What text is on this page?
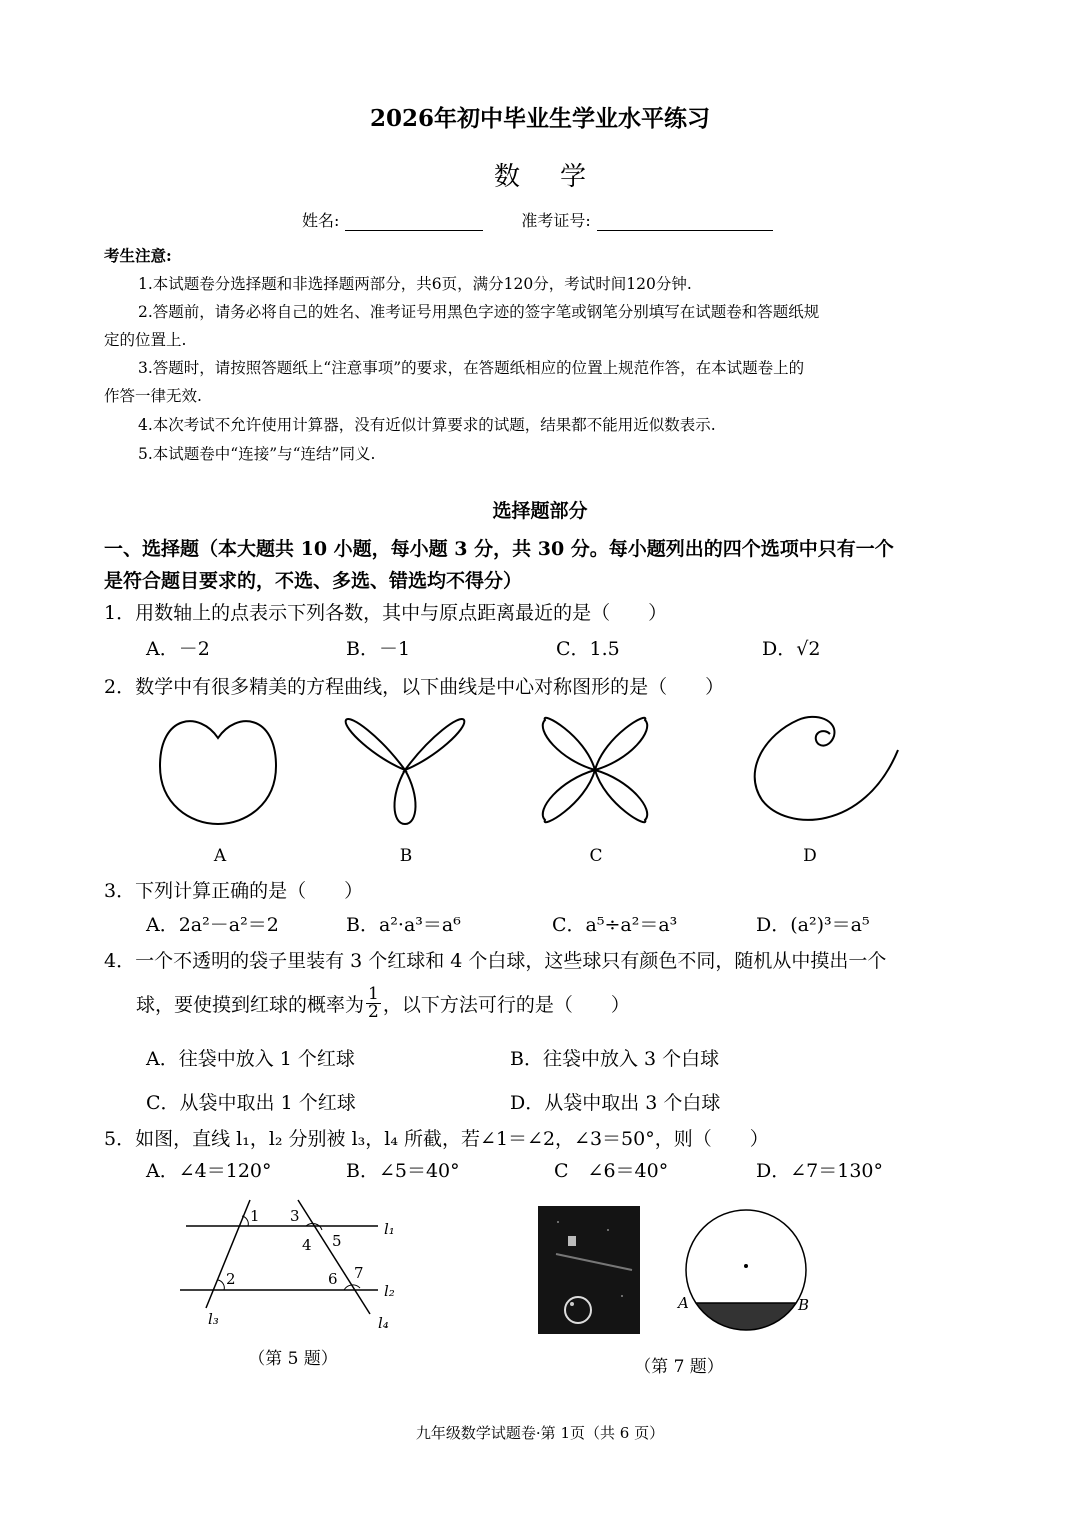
2026年初中毕业生学业水平练习
数学
姓名:	准考证号:
考生注意:
1.本试题卷分选择题和非选择题两部分，共6页，满分120分，考试时间120分钟.
2.答题前，请务必将自己的姓名、准考证号用黑色字迹的签字笔或钢笔分别填写在试题卷和答题纸规
定的位置上.
3.答题时，请按照答题纸上“注意事项”的要求，在答题纸相应的位置上规范作答，在本试题卷上的
作答一律无效.
4.本次考试不允许使用计算器，没有近似计算要求的试题，结果都不能用近似数表示.
5.本试题卷中“连接”与“连结”同义.
选择题部分
一、选择题（本大题共 10 小题，每小题 3 分，共 30 分。每小题列出的四个选项中只有一个
是符合题目要求的，不选、多选、错选均不得分）
1．用数轴上的点表示下列各数，其中与原点距离最近的是（　　）
A．－2	B．－1	C．1.5	D．√2
2．数学中有很多精美的方程曲线，以下曲线是中心对称图形的是（　　）
A	B	C	D
3．下列计算正确的是（　　）
A．2a²－a²＝2	B．a²·a³＝a⁶	C．a⁵÷a²＝a³	D．(a²)³＝a⁵
4．一个不透明的袋子里装有 3 个红球和 4 个白球，这些球只有颜色不同，随机从中摸出一个
球，要使摸到红球的概率为 $\frac{1}{2}$ ，以下方法可行的是（　　）
A．往袋中放入 1 个红球	B．往袋中放入 3 个白球
C．从袋中取出 1 个红球	D．从袋中取出 3 个白球
5．如图，直线 l₁，l₂ 分别被 l₃，l₄ 所截，若∠1＝∠2，∠3＝50°，则（　　）
A．∠4＝120°	B．∠5＝40°	C　∠6＝40°	D．∠7＝130°
1
2
3
4 5
6 7
l₁
l₂
l₃	l₄
（第 5 题）
A	B
（第 7 题）
九年级数学试题卷·第 1页（共 6 页）
